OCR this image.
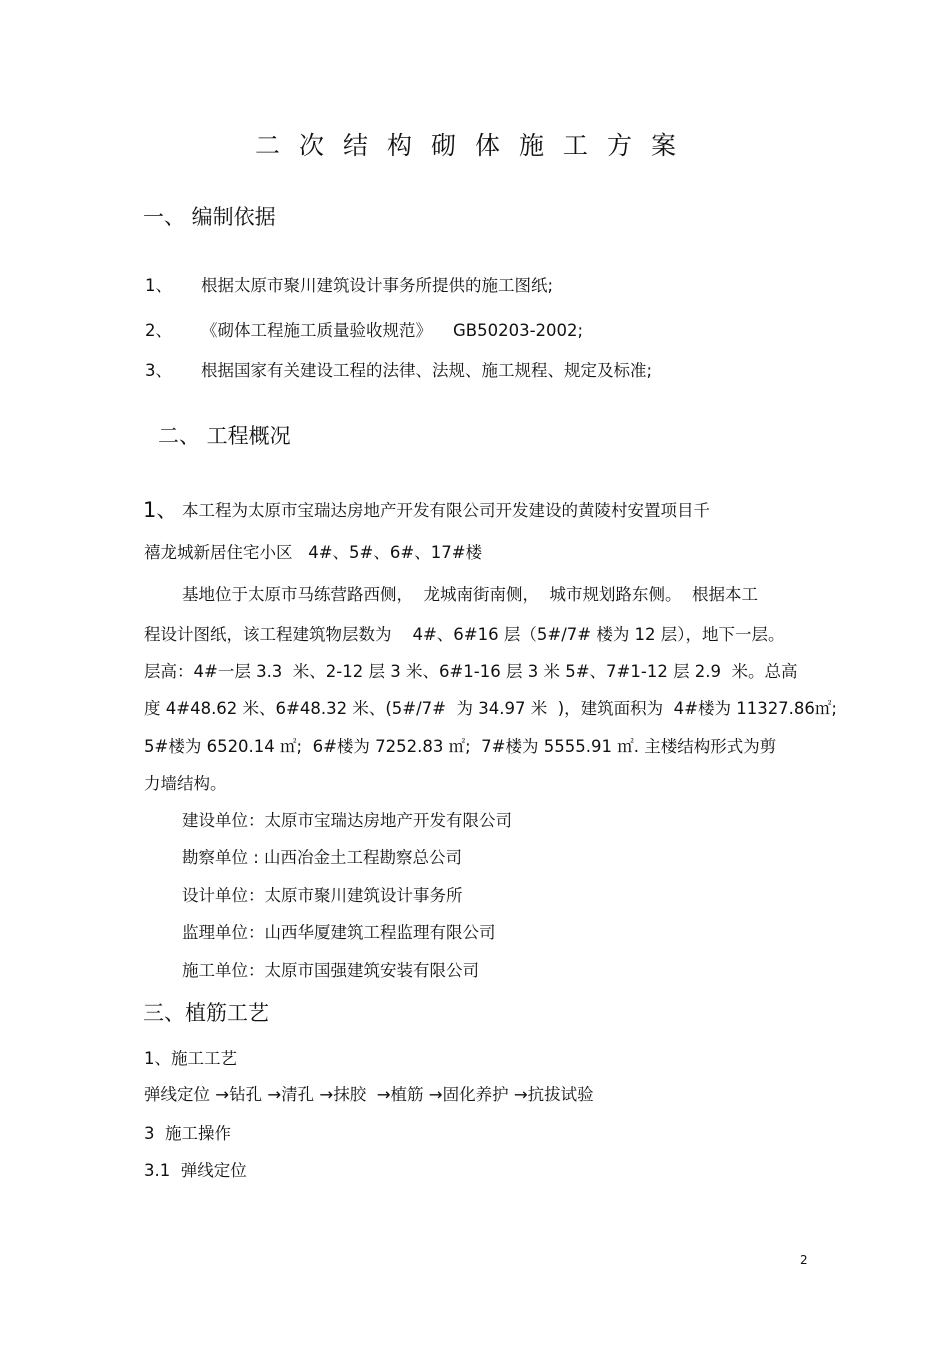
二次结构砌体施工方案
一、 编制依据
1、 根据太原市聚川建筑设计事务所提供的施工图纸;
2、 《砌体工程施工质量验收规范》    GB50203-2002;
3、 根据国家有关建设工程的法律、法规、施工规程、规定及标准;
二、 工程概况
1、 本工程为太原市宝瑞达房地产开发有限公司开发建设的黄陵村安置项目千
禧龙城新居住宅小区   4#、5#、6#、17#楼
基地位于太原市马练营路西侧，  龙城南街南侧，  城市规划路东侧。  根据本工
程设计图纸，该工程建筑物层数为    4#、6#16 层（5#/7# 楼为 12 层），地下一层。
层高：4#一层 3.3  米、2-12 层 3 米、6#1-16 层 3 米 5#、7#1-12 层 2.9  米。总高
度 4#48.62 米、6#48.32 米、(5#/7#  为 34.97 米  )，建筑面积为  4#楼为 11327.86㎡;
5#楼为 6520.14 ㎡;  6#楼为 7252.83 ㎡;  7#楼为 5555.91 ㎡. 主楼结构形式为剪
力墙结构。
建设单位：太原市宝瑞达房地产开发有限公司
勘察单位 : 山西冶金土工程勘察总公司
设计单位：太原市聚川建筑设计事务所
监理单位：山西华厦建筑工程监理有限公司
施工单位：太原市国强建筑安装有限公司
三、植筋工艺
1、施工工艺
弹线定位 →钻孔 →清孔 →抹胶  →植筋 →固化养护 →抗拔试验
3  施工操作
3.1  弹线定位
2
